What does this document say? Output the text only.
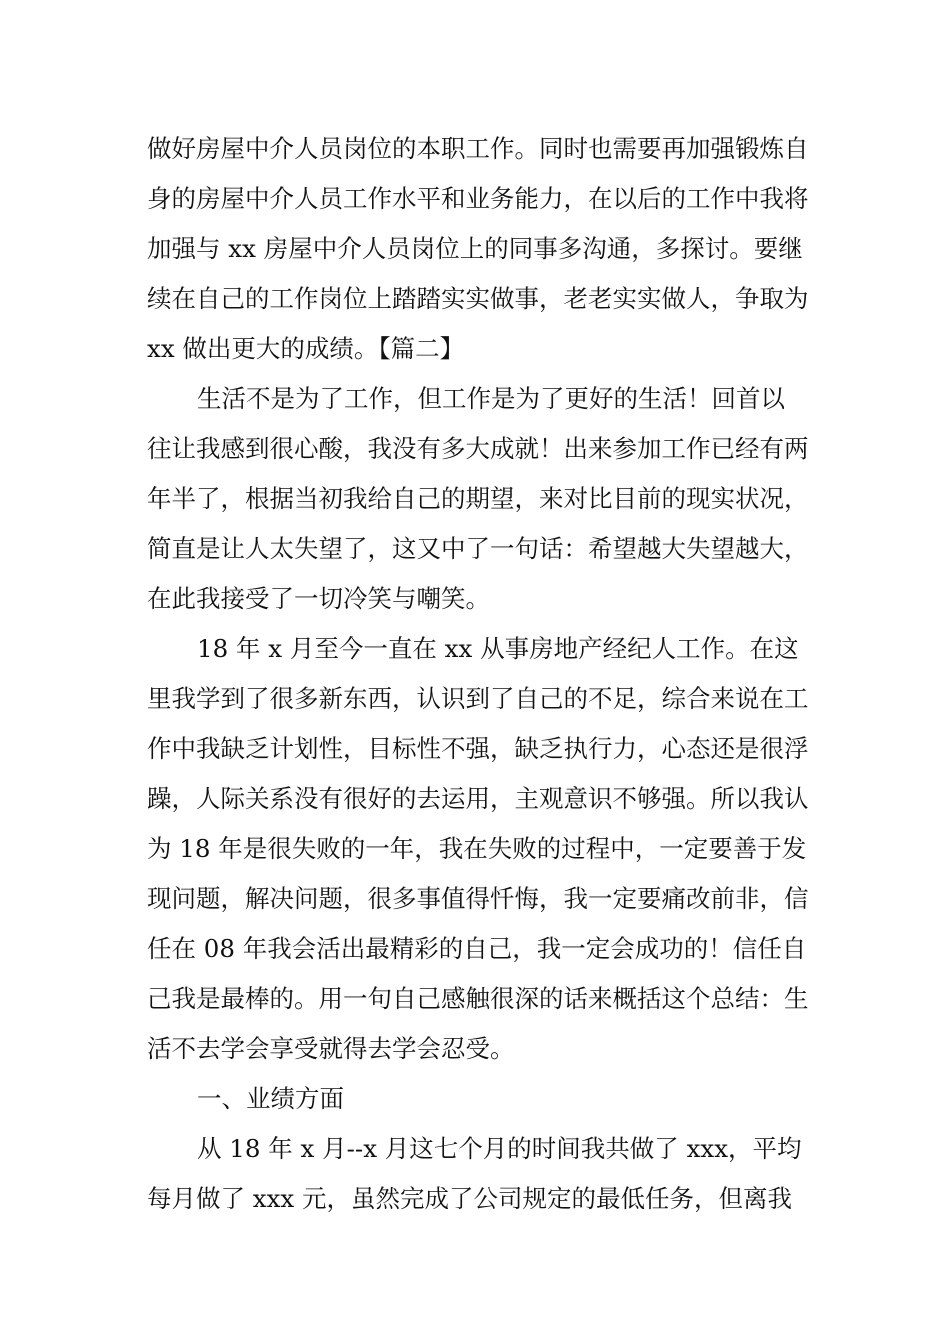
做好房屋中介人员岗位的本职工作。同时也需要再加强锻炼自身的房屋中介人员工作水平和业务能力，在以后的工作中我将加强与 xx 房屋中介人员岗位上的同事多沟通，多探讨。要继续在自己的工作岗位上踏踏实实做事，老老实实做人，争取为 xx 做出更大的成绩。【篇二】

生活不是为了工作，但工作是为了更好的生活！回首以往让我感到很心酸，我没有多大成就！出来参加工作已经有两年半了，根据当初我给自己的期望，来对比目前的现实状况，简直是让人太失望了，这又中了一句话：希望越大失望越大，在此我接受了一切冷笑与嘲笑。

18 年 x 月至今一直在 xx 从事房地产经纪人工作。在这里我学到了很多新东西，认识到了自己的不足，综合来说在工作中我缺乏计划性，目标性不强，缺乏执行力，心态还是很浮躁，人际关系没有很好的去运用，主观意识不够强。所以我认为 18 年是很失败的一年，我在失败的过程中，一定要善于发现问题，解决问题，很多事值得忏悔，我一定要痛改前非，信任在 08 年我会活出最精彩的自己，我一定会成功的！信任自己我是最棒的。用一句自己感触很深的话来概括这个总结：生活不去学会享受就得去学会忍受。

一、业绩方面

从 18 年 x 月--x 月这七个月的时间我共做了 xxx，平均每月做了 xxx 元，虽然完成了公司规定的最低任务，但离我
